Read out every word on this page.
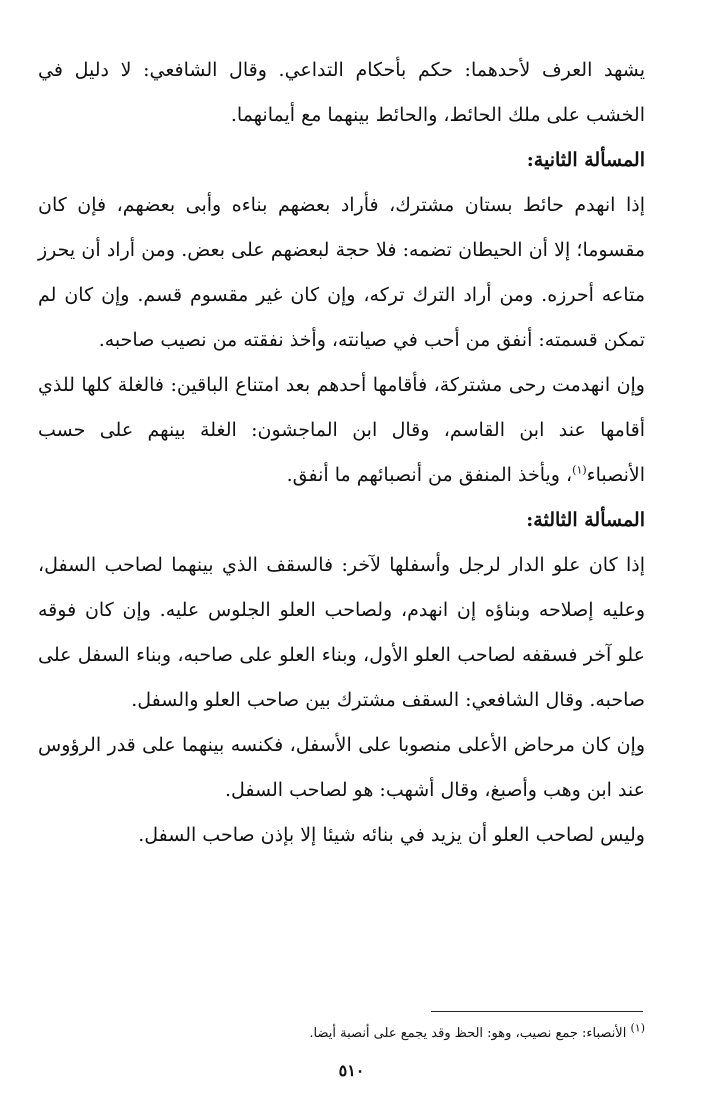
يشهد العرف لأحدهما: حكم بأحكام التداعي. وقال الشافعي: لا دليل في الخشب على ملك الحائط، والحائط بينهما مع أيمانهما.

المسألة الثانية:

إذا انهدم حائط بستان مشترك، فأراد بعضهم بناءه وأبى بعضهم، فإن كان مقسوما؛ إلا أن الحيطان تضمه: فلا حجة لبعضهم على بعض. ومن أراد أن يحرز متاعه أحرزه. ومن أراد الترك تركه، وإن كان غير مقسوم قسم. وإن كان لم تمكن قسمته: أنفق من أحب في صيانته، وأخذ نفقته من نصيب صاحبه.

وإن انهدمت رحى مشتركة، فأقامها أحدهم بعد امتناع الباقين: فالغلة كلها للذي أقامها عند ابن القاسم، وقال ابن الماجشون: الغلة بينهم على حسب الأنصباء$^{(١)}$، ويأخذ المنفق من أنصبائهم ما أنفق.

المسألة الثالثة:

إذا كان علو الدار لرجل وأسفلها لآخر: فالسقف الذي بينهما لصاحب السفل، وعليه إصلاحه وبناؤه إن انهدم، ولصاحب العلو الجلوس عليه. وإن كان فوقه علو آخر فسقفه لصاحب العلو الأول، وبناء العلو على صاحبه، وبناء السفل على صاحبه. وقال الشافعي: السقف مشترك بين صاحب العلو والسفل.

وإن كان مرحاض الأعلى منصوبا على الأسفل، فكنسه بينهما على قدر الرؤوس عند ابن وهب وأصبغ، وقال أشهب: هو لصاحب السفل.

وليس لصاحب العلو أن يزيد في بنائه شيئا إلا بإذن صاحب السفل.

$^{(١)}$ الأنصباء: جمع نصيب، وهو: الحظ وقد يجمع على أنصبة أيضا.
٥١٠
